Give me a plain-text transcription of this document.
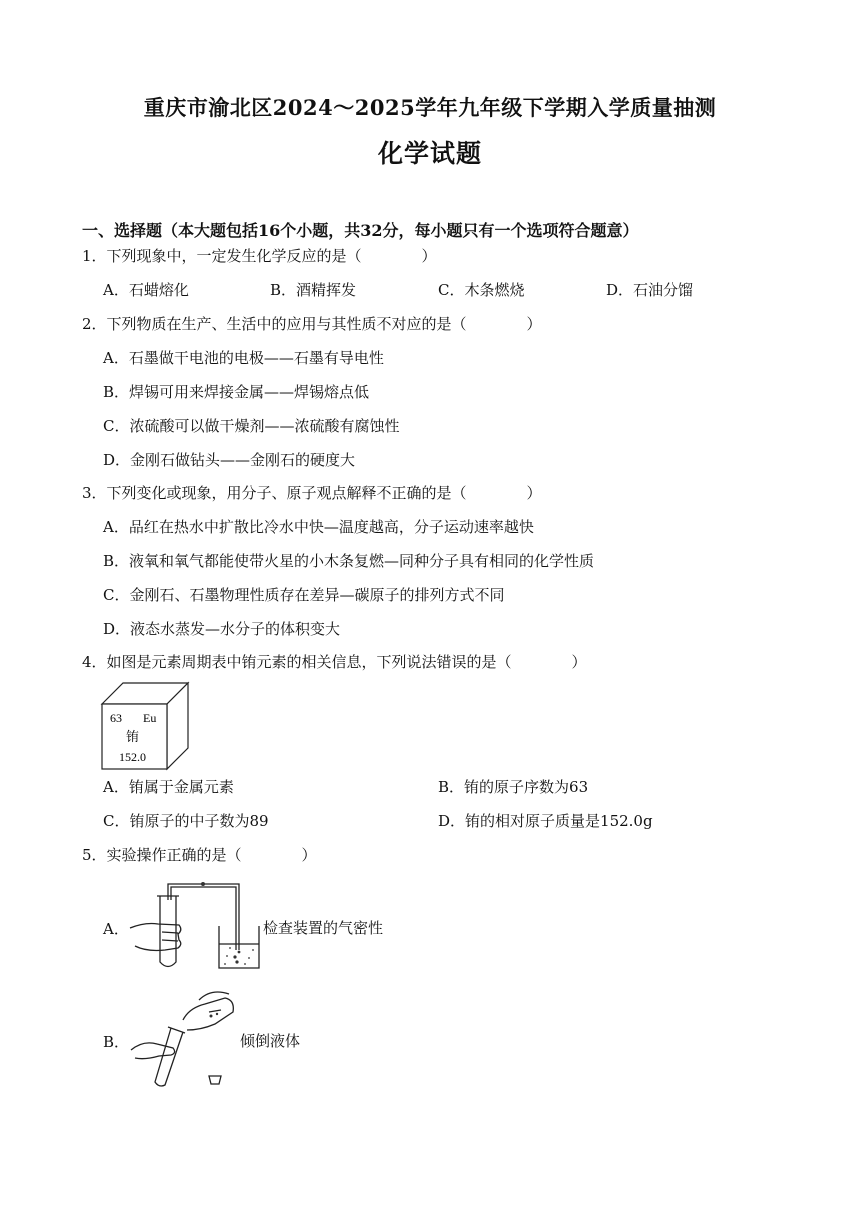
重庆市渝北区2024～2025学年九年级下学期入学质量抽测
化学试题
一、选择题（本大题包括16个小题，共32分，每小题只有一个选项符合题意）
1．下列现象中，一定发生化学反应的是（　　　　）
A．石蜡熔化	B．酒精挥发	C．木条燃烧	D．石油分馏
2．下列物质在生产、生活中的应用与其性质不对应的是（　　　　）
A．石墨做干电池的电极——石墨有导电性
B．焊锡可用来焊接金属——焊锡熔点低
C．浓硫酸可以做干燥剂——浓硫酸有腐蚀性
D．金刚石做钻头——金刚石的硬度大
3．下列变化或现象，用分子、原子观点解释不正确的是（　　　　）
A．品红在热水中扩散比冷水中快—温度越高，分子运动速率越快
B．液氧和氧气都能使带火星的小木条复燃—同种分子具有相同的化学性质
C．金刚石、石墨物理性质存在差异—碳原子的排列方式不同
D．液态水蒸发—水分子的体积变大
4．如图是元素周期表中铕元素的相关信息，下列说法错误的是（　　　　）
63 Eu
铕
152.0
A．铕属于金属元素	B．铕的原子序数为63
C．铕原子的中子数为89	D．铕的相对原子质量是152.0g
5．实验操作正确的是（　　　　）
A．	检查装置的气密性
B．	倾倒液体
